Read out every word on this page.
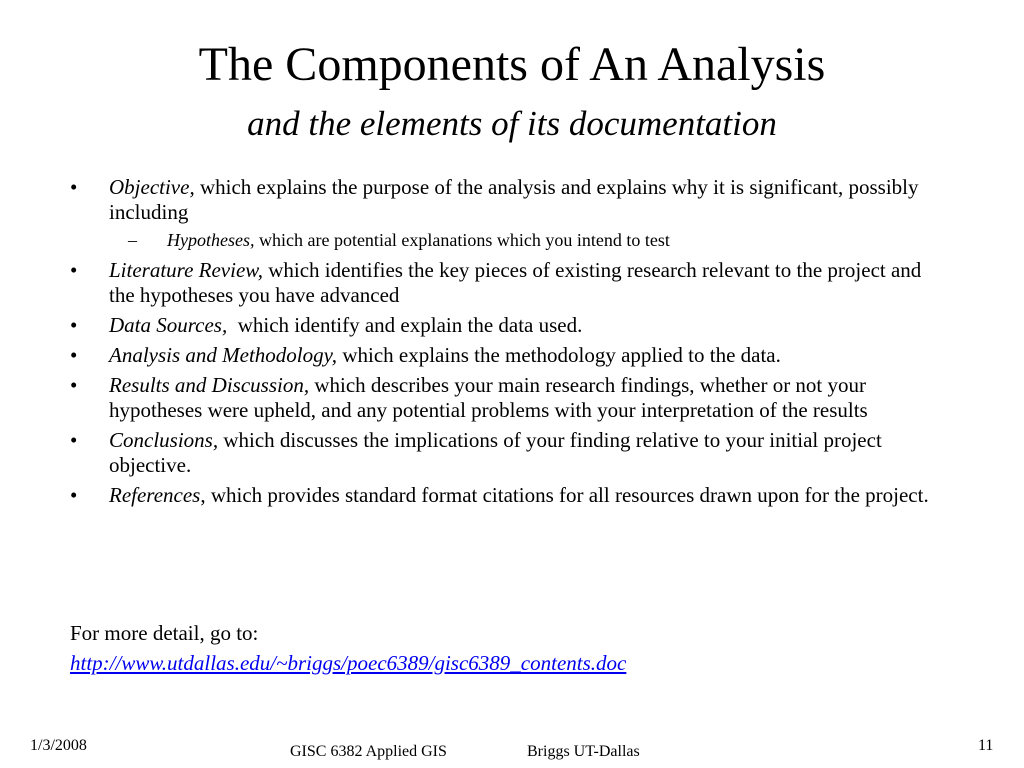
The Components of An Analysis
and the elements of its documentation
• Objective, which explains the purpose of the analysis and explains why it is significant, possibly including
– Hypotheses, which are potential explanations which you intend to test
• Literature Review, which identifies the key pieces of existing research relevant to the project and the hypotheses you have advanced
• Data Sources,  which identify and explain the data used.
• Analysis and Methodology, which explains the methodology applied to the data.
• Results and Discussion, which describes your main research findings, whether or not your hypotheses were upheld, and any potential problems with your interpretation of the results
• Conclusions, which discusses the implications of your finding relative to your initial project objective.
• References, which provides standard format citations for all resources drawn upon for the project.
For more detail, go to:
http://www.utdallas.edu/~briggs/poec6389/gisc6389_contents.doc
1/3/2008	GISC 6382 Applied GIS	Briggs UT-Dallas	11
